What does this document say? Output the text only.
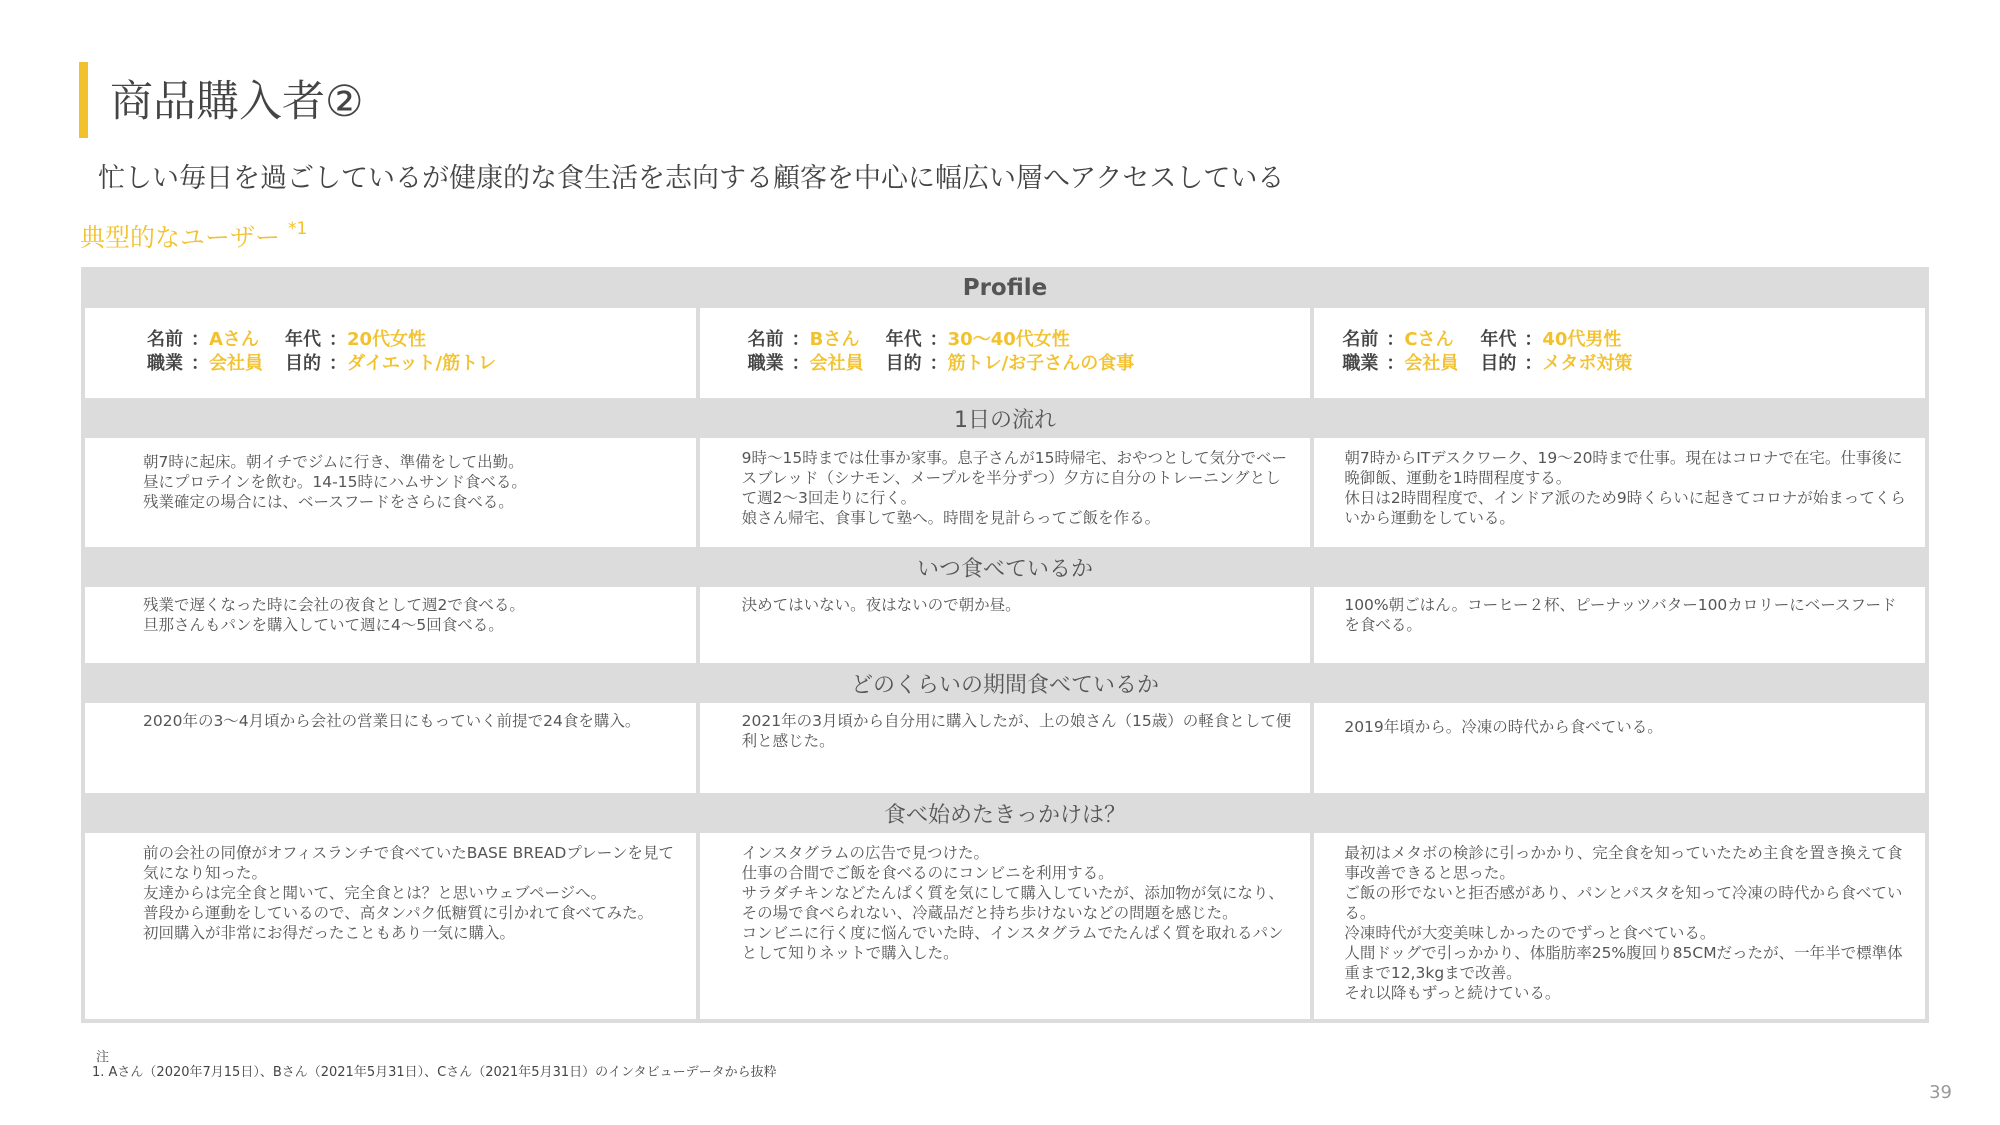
商品購入者②
忙しい毎日を過ごしているが健康的な食生活を志向する顧客を中心に幅広い層へアクセスしている
典型的なユーザー $^{*1}$
Profile
名前 ：Aさん 年代 ：20代女性
職業 ：会社員 目的 ：ダイエット/筋トレ
名前 ：Bさん 年代 ：30～40代女性
職業 ：会社員 目的 ：筋トレ/お子さんの食事
名前 ：Cさん 年代 ：40代男性
職業 ：会社員 目的 ：メタボ対策
1日の流れ

朝7時に起床。朝イチでジムに行き、準備をして出勤。

昼にプロテインを飲む。14-15時にハムサンド食べる。

残業確定の場合には、ベースフードをさらに食べる。

9時～15時までは仕事か家事。息子さんが15時帰宅、おやつとして気分でベースブレッド（シナモン、メープルを半分ずつ）夕方に自分のトレーニングとして週2～3回走りに行く。

娘さん帰宅、食事して塾へ。時間を見計らってご飯を作る。

朝7時からITデスクワーク、19～20時まで仕事。現在はコロナで在宅。仕事後に晩御飯、運動を1時間程度する。

休日は2時間程度で、インドア派のため9時くらいに起きてコロナが始まってくらいから運動をしている。

いつ食べているか

残業で遅くなった時に会社の夜食として週2で食べる。

旦那さんもパンを購入していて週に4～5回食べる。

決めてはいない。夜はないので朝か昼。	100%朝ごはん。コーヒー２杯、ピーナッツバター100カロリーにベースフードを食べる。

どのくらいの期間食べているか

2020年の3～4月頃から会社の営業日にもっていく前提で24食を購入。	2021年の3月頃から自分用に購入したが、上の娘さん（15歳）の軽食として便利と感じた。

2019年頃から。冷凍の時代から食べている。

食べ始めたきっかけは？

前の会社の同僚がオフィスランチで食べていたBASE BREADプレーンを見て気になり知った。

友達からは完全食と聞いて、完全食とは？と思いウェブページへ。

普段から運動をしているので、高タンパク低糖質に引かれて食べてみた。

初回購入が非常にお得だったこともあり一気に購入。

インスタグラムの広告で見つけた。

仕事の合間でご飯を食べるのにコンビニを利用する。

サラダチキンなどたんぱく質を気にして購入していたが、添加物が気になり、その場で食べられない、冷蔵品だと持ち歩けないなどの問題を感じた。

コンビニに行く度に悩んでいた時、インスタグラムでたんぱく質を取れるパンとして知りネットで購入した。

最初はメタボの検診に引っかかり、完全食を知っていたため主食を置き換えて食事改善できると思った。

ご飯の形でないと拒否感があり、パンとパスタを知って冷凍の時代から食べている。

冷凍時代が大変美味しかったのでずっと食べている。

人間ドッグで引っかかり、体脂肪率25%腹回り85CMだったが、一年半で標準体重まで12,3kgまで改善。

それ以降もずっと続けている。

注
1. Aさん（2020年7月15日）、Bさん（2021年5月31日）、Cさん（2021年5月31日）のインタビューデータから抜粋
39
